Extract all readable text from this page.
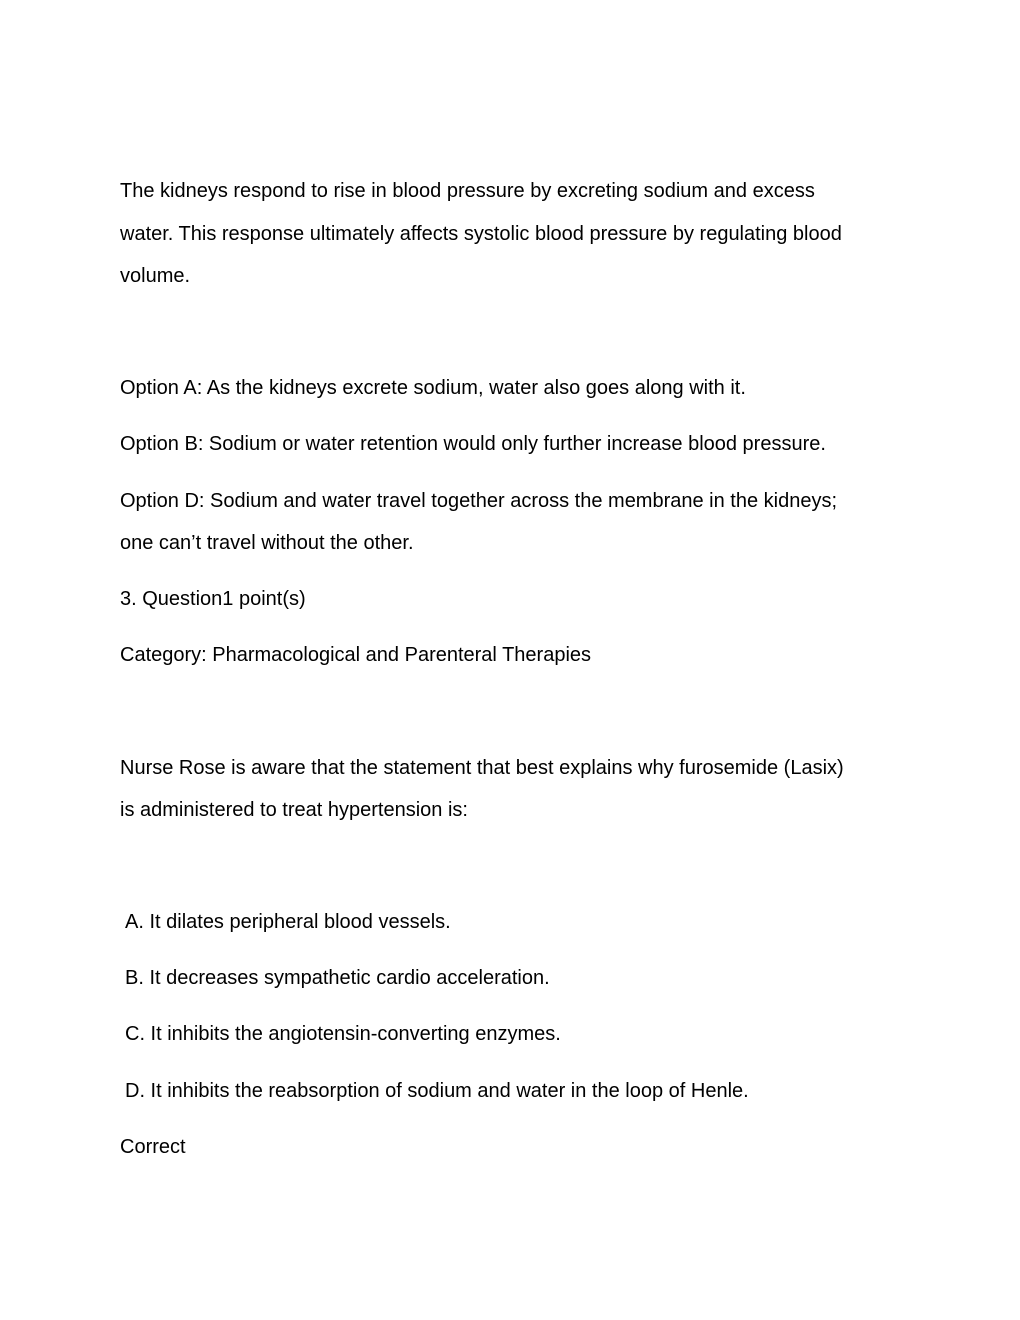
The kidneys respond to rise in blood pressure by excreting sodium and excess
water. This response ultimately affects systolic blood pressure by regulating blood
volume.
Option A: As the kidneys excrete sodium, water also goes along with it.
Option B: Sodium or water retention would only further increase blood pressure.
Option D: Sodium and water travel together across the membrane in the kidneys;
one can’t travel without the other.
3. Question1 point(s)
Category: Pharmacological and Parenteral Therapies
Nurse Rose is aware that the statement that best explains why furosemide (Lasix)
is administered to treat hypertension is:
A. It dilates peripheral blood vessels.
B. It decreases sympathetic cardio acceleration.
C. It inhibits the angiotensin-converting enzymes.
D. It inhibits the reabsorption of sodium and water in the loop of Henle.
Correct
